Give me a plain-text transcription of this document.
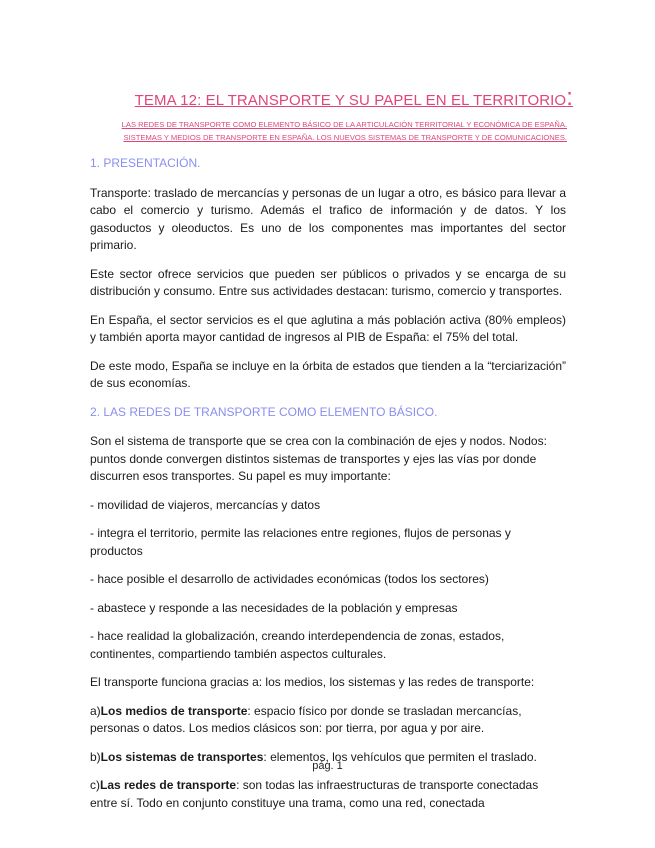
TEMA 12: EL TRANSPORTE Y SU PAPEL EN EL TERRITORIO:
LAS REDES DE TRANSPORTE COMO ELEMENTO BÁSICO DE LA ARTICULACIÓN TERRITORIAL Y ECONÓMICA DE ESPAÑA.
SISTEMAS Y MEDIOS DE TRANSPORTE EN ESPAÑA. LOS NUEVOS SISTEMAS DE TRANSPORTE Y DE COMUNICACIONES.

1. PRESENTACIÓN.

Transporte: traslado de mercancías y personas de un lugar a otro, es básico para llevar a cabo el comercio y turismo. Además el trafico de información y de datos. Y los gasoductos y oleoductos. Es uno de los componentes mas importantes del sector primario.

Este sector ofrece servicios que pueden ser públicos o privados y se encarga de su distribución y consumo. Entre sus actividades destacan: turismo, comercio y transportes.

En España, el sector servicios es el que aglutina a más población activa (80% empleos) y también aporta mayor cantidad de ingresos al PIB de España: el 75% del total.

De este modo, España se incluye en la órbita de estados que tienden a la “terciarización” de sus economías.

2. LAS REDES DE TRANSPORTE COMO ELEMENTO BÁSICO.

Son el sistema de transporte que se crea con la combinación de ejes y nodos. Nodos: puntos donde convergen distintos sistemas de transportes y ejes las vías por donde discurren esos transportes. Su papel es muy importante:

- movilidad de viajeros, mercancías y datos

- integra el territorio, permite las relaciones entre regiones, flujos de personas y productos

- hace posible el desarrollo de actividades económicas (todos los sectores)

- abastece y responde a las necesidades de la población y empresas

- hace realidad la globalización, creando interdependencia de zonas, estados, continentes, compartiendo también aspectos culturales.

El transporte funciona gracias a: los medios, los sistemas y las redes de transporte:

a)Los medios de transporte: espacio físico por donde se trasladan mercancías, personas o datos. Los medios clásicos son: por tierra, por agua y por aire.

b)Los sistemas de transportes: elementos, los vehículos que permiten el traslado.

c)Las redes de transporte: son todas las infraestructuras de transporte conectadas entre sí. Todo en conjunto constituye una trama, como una red, conectada

pág. 1
